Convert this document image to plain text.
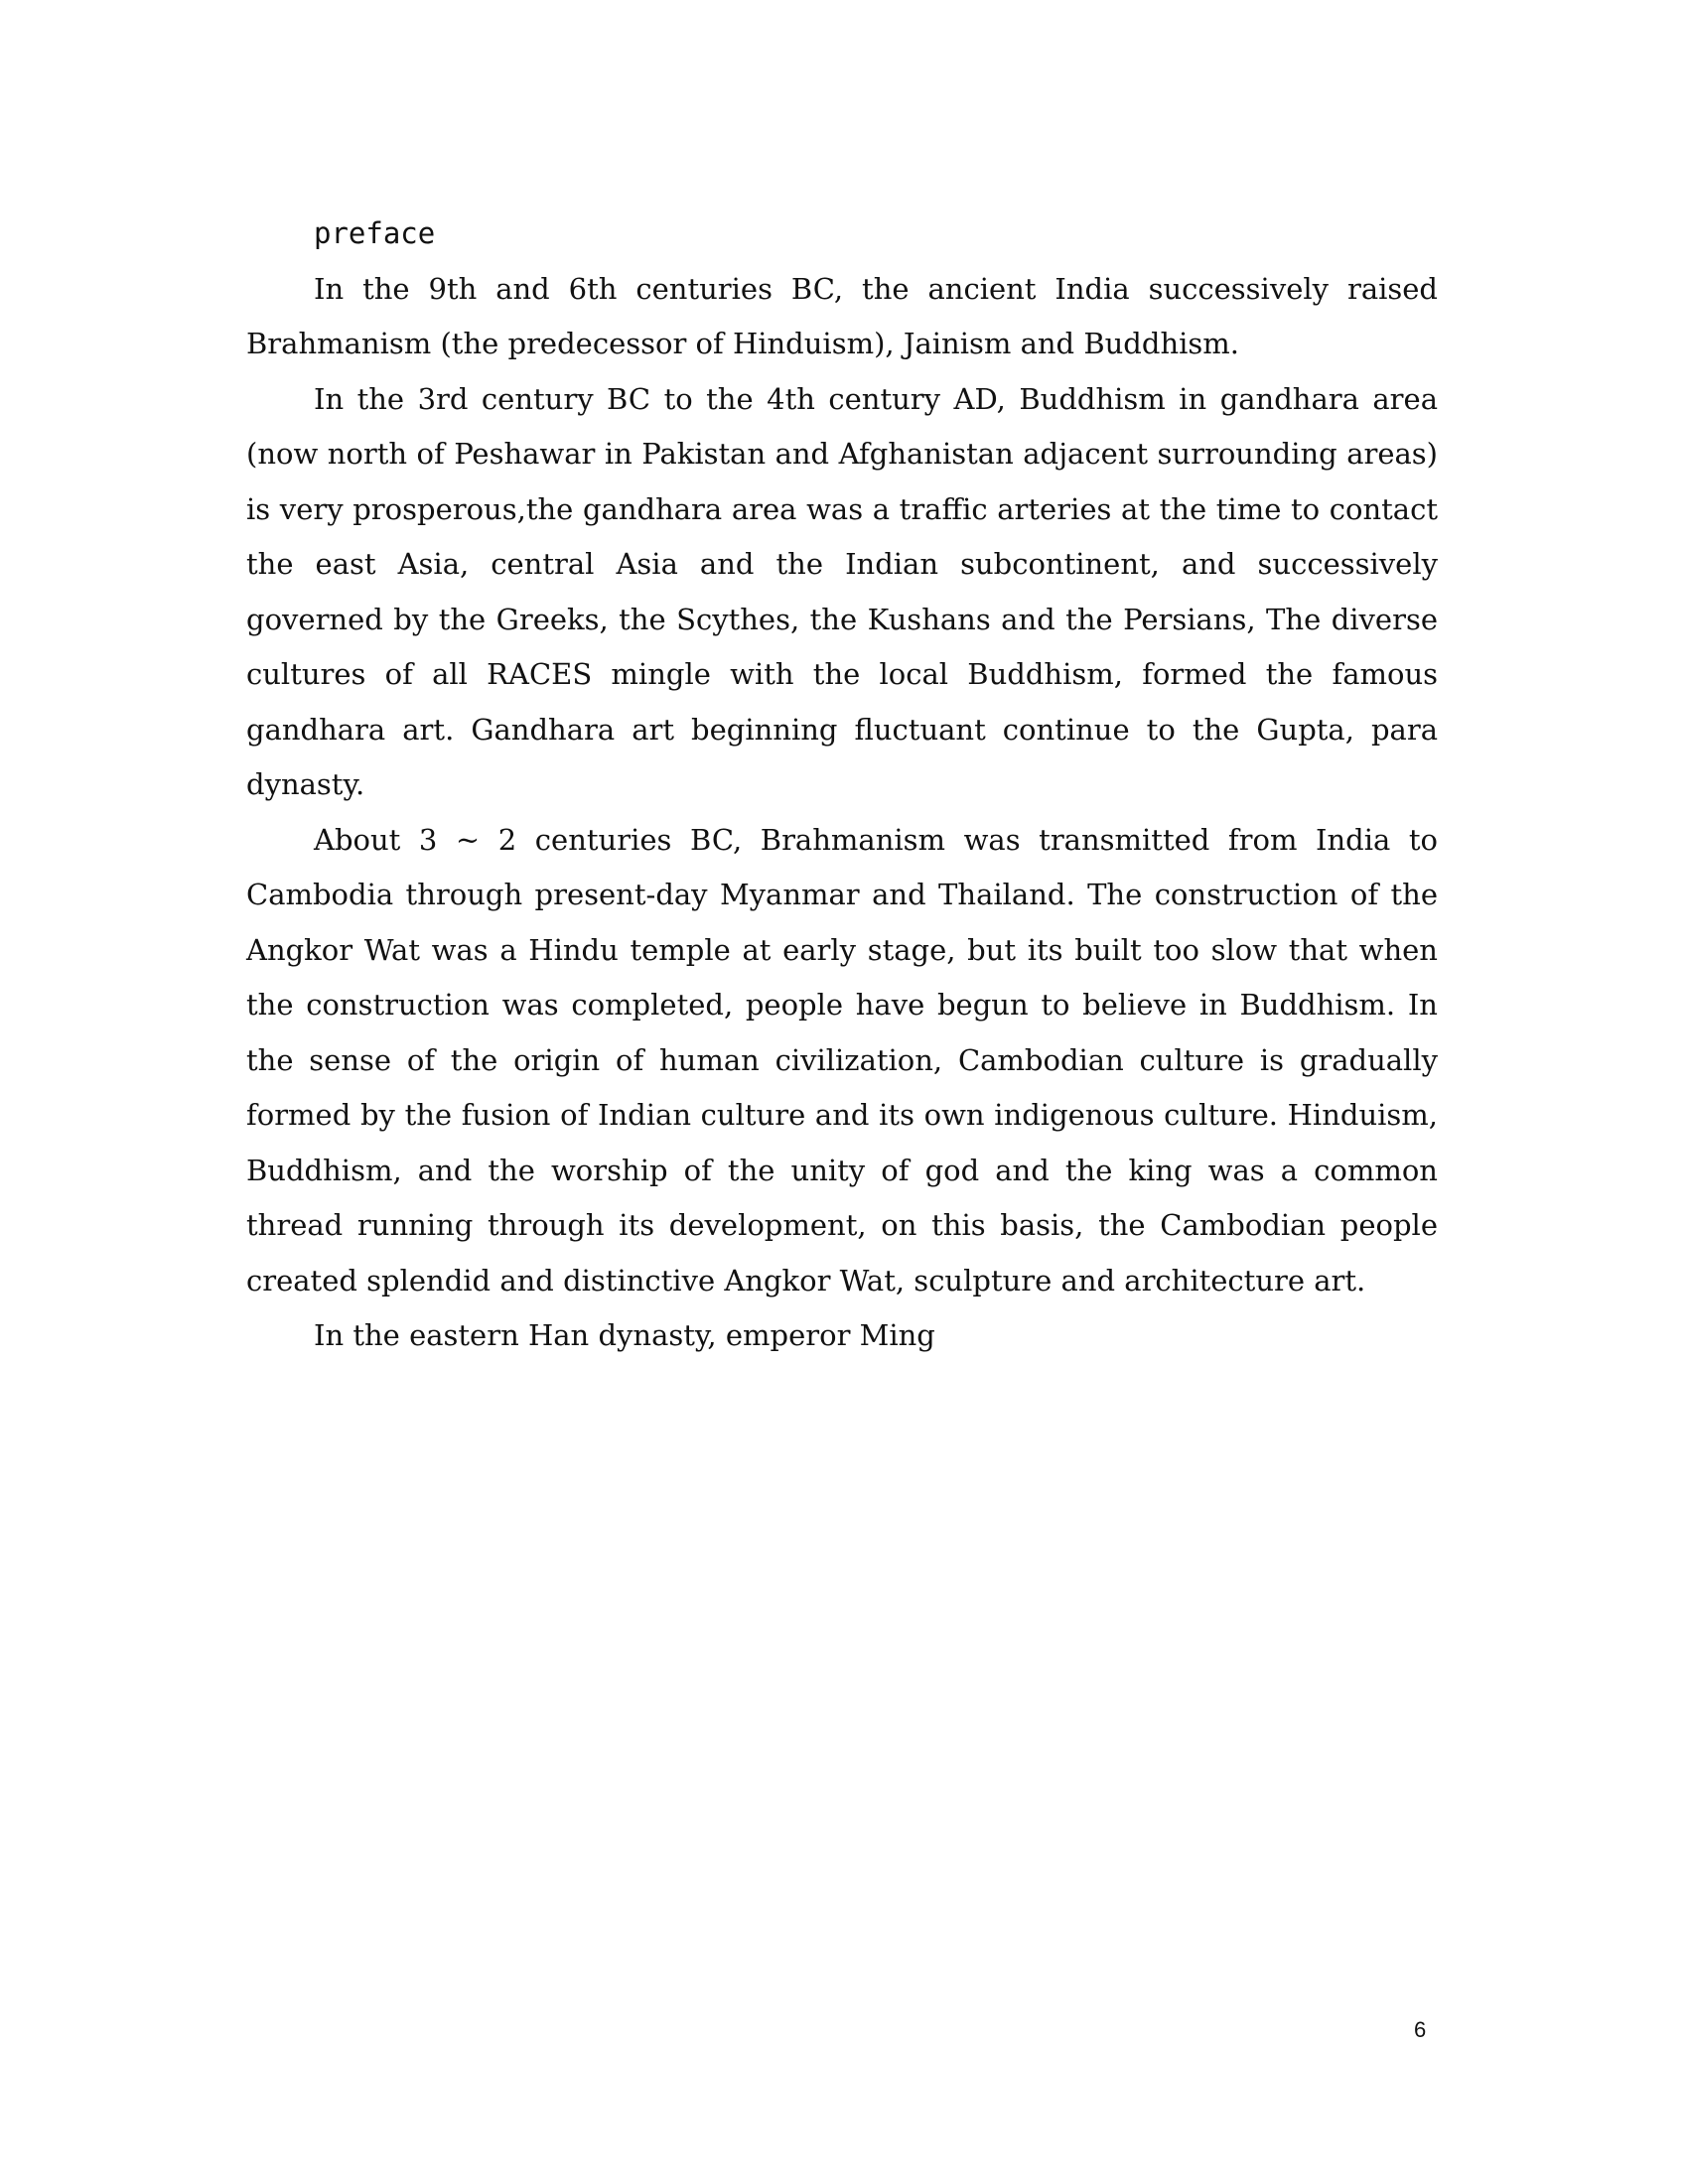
preface

In the 9th and 6th centuries BC, the ancient India successively raised Brahmanism (the predecessor of Hinduism), Jainism and Buddhism.

In the 3rd century BC to the 4th century AD, Buddhism in gandhara area (now north of Peshawar in Pakistan and Afghanistan adjacent surrounding areas) is very prosperous,the gandhara area was a traffic arteries at the time to contact the east Asia, central Asia and the Indian subcontinent, and successively governed by the Greeks, the Scythes, the Kushans and the Persians, The diverse cultures of all RACES mingle with the local Buddhism, formed the famous gandhara art. Gandhara art beginning fluctuant continue to the Gupta, para dynasty.

About 3 ~ 2 centuries BC, Brahmanism was transmitted from India to Cambodia through present-day Myanmar and Thailand. The construction of the Angkor Wat was a Hindu temple at early stage, but its built too slow that when the construction was completed, people have begun to believe in Buddhism. In the sense of the origin of human civilization, Cambodian culture is gradually formed by the fusion of Indian culture and its own indigenous culture. Hinduism, Buddhism, and the worship of the unity of god and the king was a common thread running through its development, on this basis, the Cambodian people created splendid and distinctive Angkor Wat, sculpture and architecture art.

In the eastern Han dynasty, emperor Ming

6
